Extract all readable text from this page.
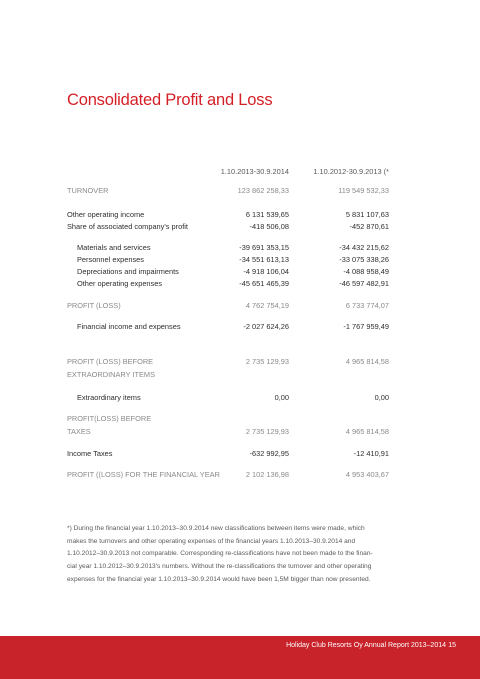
Consolidated Profit and Loss
1.10.2013-30.9.2014	1.10.2012-30.9.2013 (*
TURNOVER	123 862 258,33	119 549 532,33
Other operating income	6 131 539,65	5 831 107,63
Share of associated company's profit	-418 506,08	-452 870,61
Materials and services	-39 691 353,15	-34 432 215,62
Personnel expenses	-34 551 613,13	-33 075 338,26
Depreciations and impairments	-4 918 106,04	-4 088 958,49
Other operating expenses	-45 651 465,39	-46 597 482,91
PROFIT (LOSS)	4 762 754,19	6 733 774,07
Financial income and expenses	-2 027 624,26	-1 767 959,49
PROFIT (LOSS) BEFORE	2 735 129,93	4 965 814,58
EXTRAORDINARY ITEMS
Extraordinary items	0,00	0,00
PROFIT(LOSS) BEFORE
TAXES	2 735 129,93	4 965 814,58
Income Taxes	-632 992,95	-12 410,91
PROFIT ((LOSS) FOR THE FINANCIAL YEAR	2 102 136,98	4 953 403,67

*) During the financial year 1.10.2013–30.9.2014 new classifications between items were made, which

makes the turnovers and other operating expenses of the financial years 1.10.2013–30.9.2014 and

1.10.2012–30.9.2013 not comparable. Corresponding re-classifications have not been made to the finan-

cial year 1.10.2012–30.9.2013's numbers. Without the re-classifications the turnover and other operating

expenses for the financial year 1.10.2013–30.9.2014 would have been 1,5M bigger than now presented.

Holiday Club Resorts Oy Annual Report 2013–2014 15
